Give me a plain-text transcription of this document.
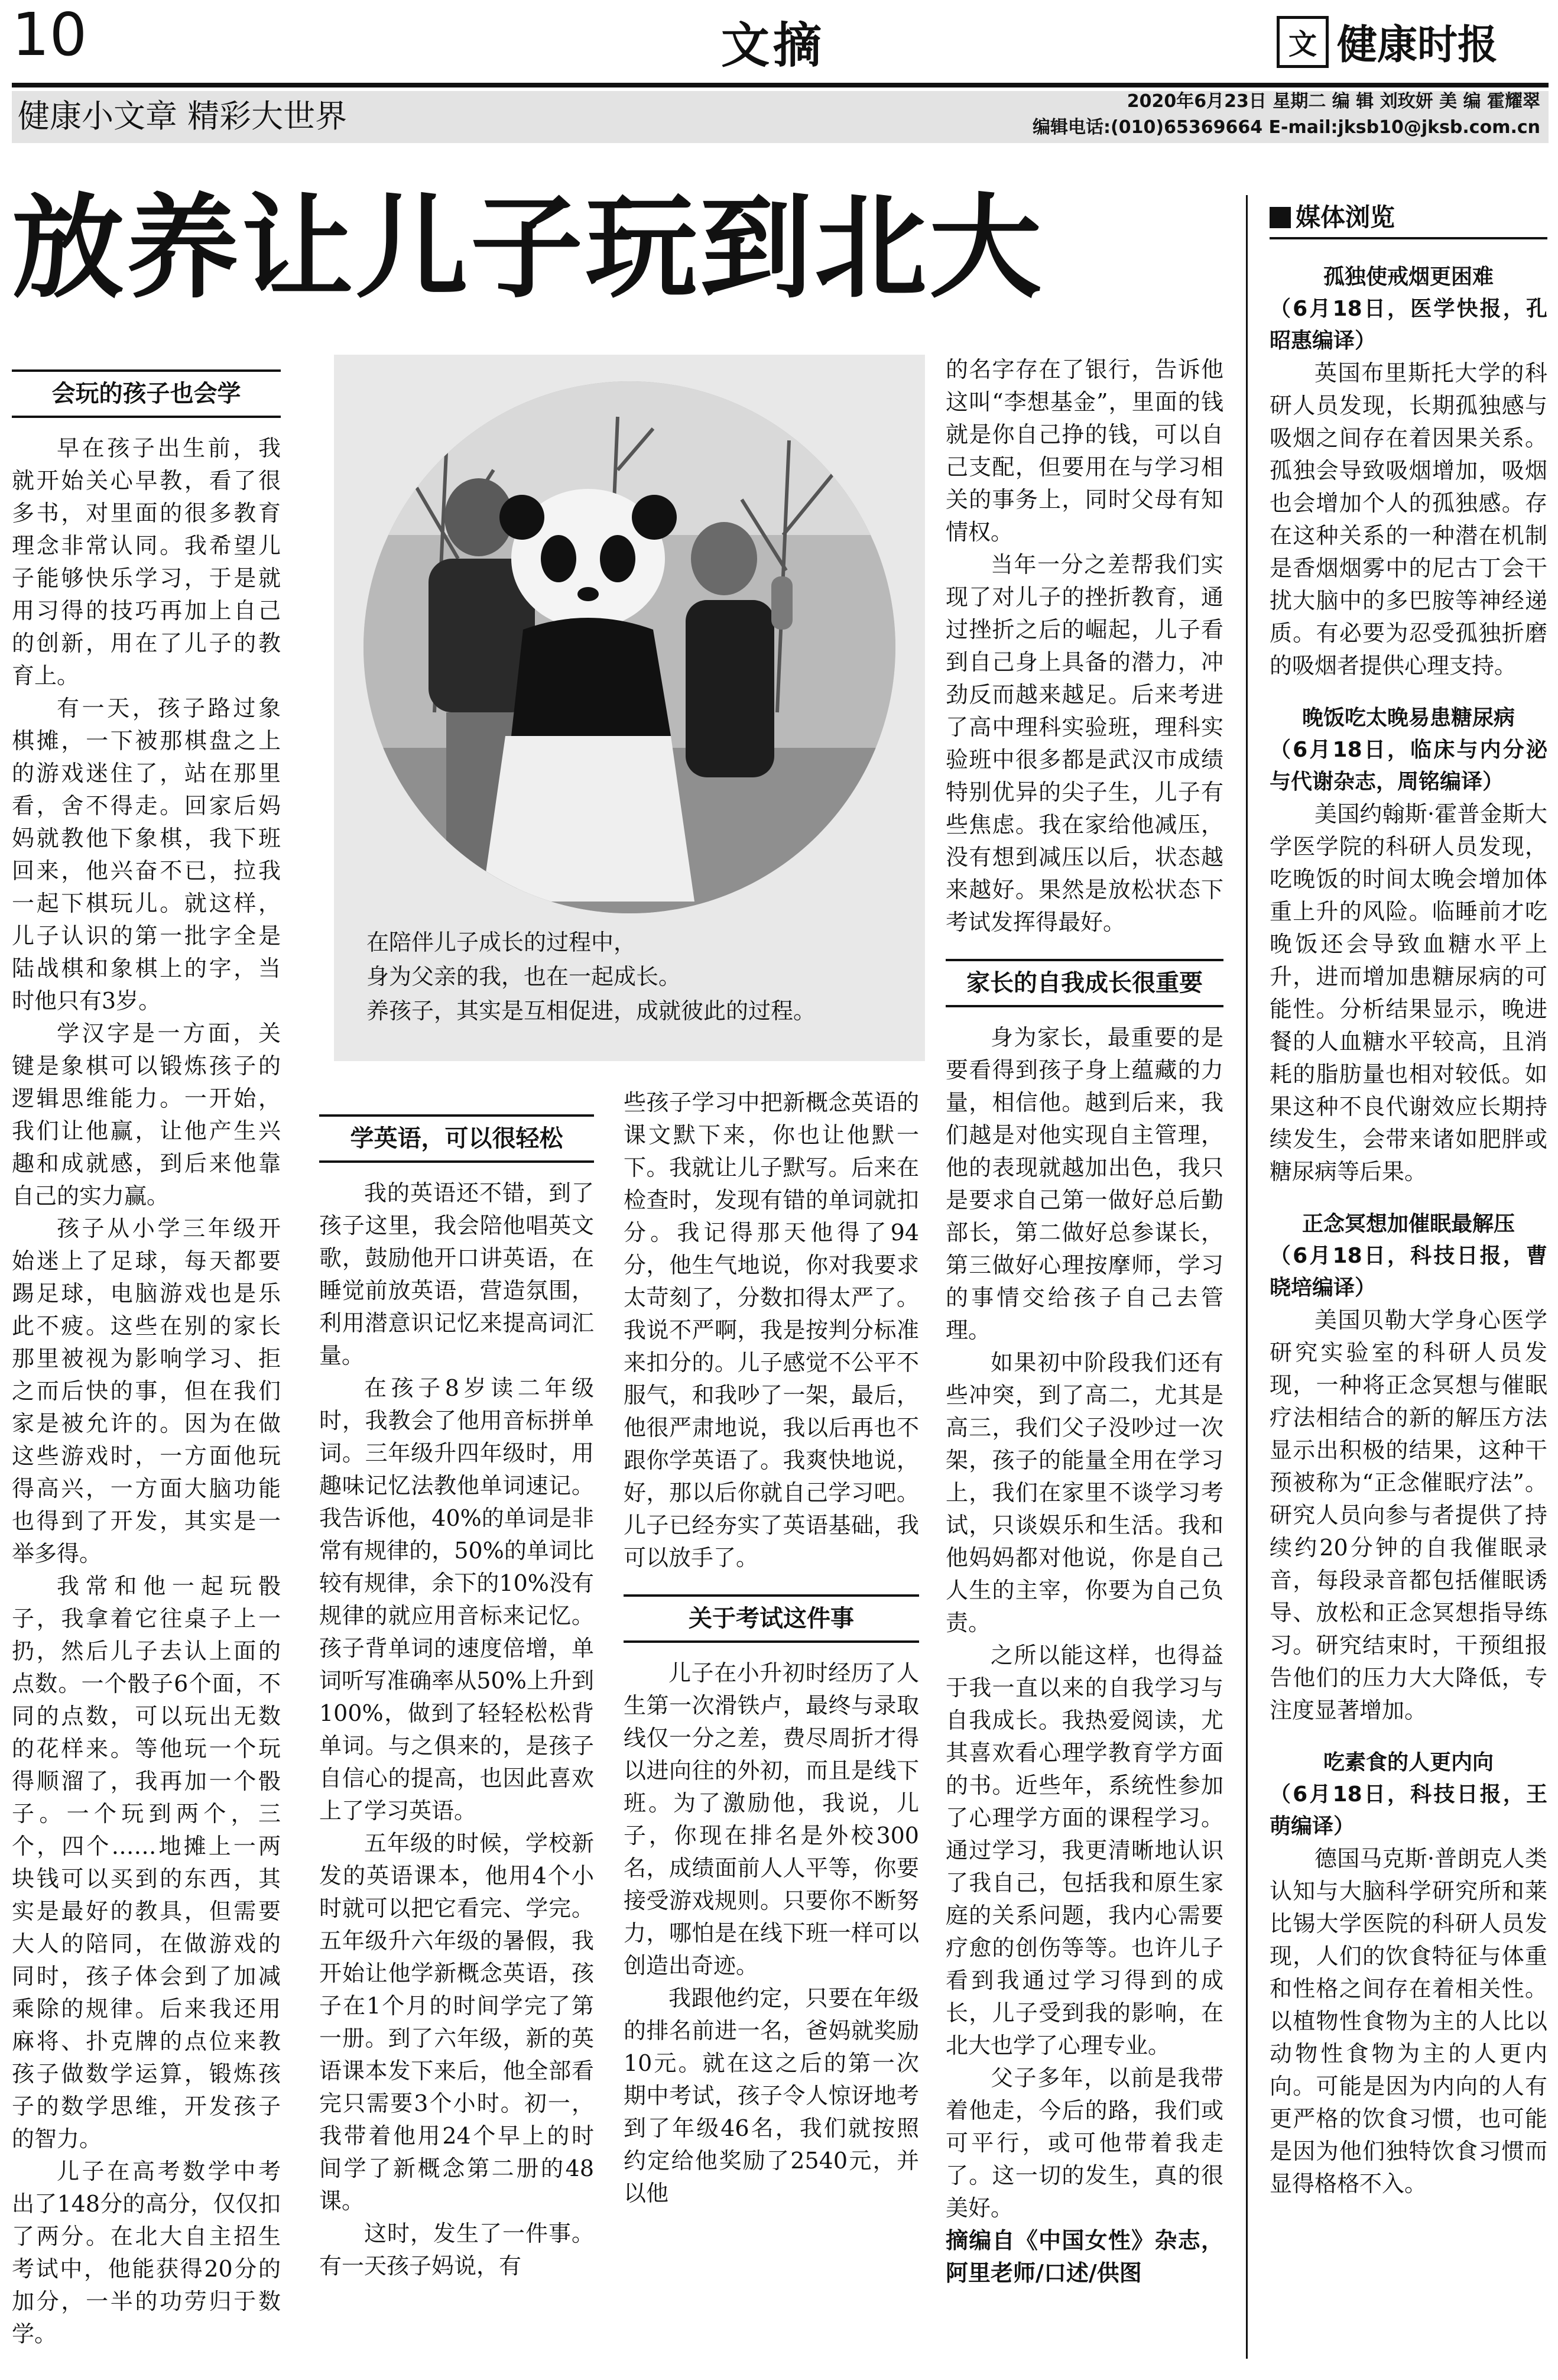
10	文摘	文 健康时报
健康小文章 精彩大世界	2020年6月23日 星期二 编 辑 刘玫妍 美 编 霍耀翠
编辑电话:(010)65369664 E-mail:jksb10@jksb.com.cn
放养让儿子玩到北大
在陪伴儿子成长的过程中，
身为父亲的我，也在一起成长。
养孩子，其实是互相促进，成就彼此的过程。
会玩的孩子也会学

早在孩子出生前，我就开始关心早教，看了很多书，对里面的很多教育理念非常认同。我希望儿子能够快乐学习，于是就用习得的技巧再加上自己的创新，用在了儿子的教育上。

有一天，孩子路过象棋摊，一下被那棋盘之上的游戏迷住了，站在那里看，舍不得走。回家后妈妈就教他下象棋，我下班回来，他兴奋不已，拉我一起下棋玩儿。就这样，儿子认识的第一批字全是陆战棋和象棋上的字，当时他只有3岁。

学汉字是一方面，关键是象棋可以锻炼孩子的逻辑思维能力。一开始，我们让他赢，让他产生兴趣和成就感，到后来他靠自己的实力赢。

孩子从小学三年级开始迷上了足球，每天都要踢足球，电脑游戏也是乐此不疲。这些在别的家长那里被视为影响学习、拒之而后快的事，但在我们家是被允许的。因为在做这些游戏时，一方面他玩得高兴，一方面大脑功能也得到了开发，其实是一举多得。

我常和他一起玩骰子，我拿着它往桌子上一扔，然后儿子去认上面的点数。一个骰子6个面，不同的点数，可以玩出无数的花样来。等他玩一个玩得顺溜了，我再加一个骰子。一个玩到两个，三个，四个……地摊上一两块钱可以买到的东西，其实是最好的教具，但需要大人的陪同，在做游戏的同时，孩子体会到了加减乘除的规律。后来我还用麻将、扑克牌的点位来教孩子做数学运算，锻炼孩子的数学思维，开发孩子的智力。

儿子在高考数学中考出了148分的高分，仅仅扣了两分。在北大自主招生考试中，他能获得20分的加分，一半的功劳归于数学。

学英语，可以很轻松

我的英语还不错，到了孩子这里，我会陪他唱英文歌，鼓励他开口讲英语，在睡觉前放英语，营造氛围，利用潜意识记忆来提高词汇量。

在孩子8岁读二年级时，我教会了他用音标拼单词。三年级升四年级时，用趣味记忆法教他单词速记。我告诉他，40%的单词是非常有规律的，50%的单词比较有规律，余下的10%没有规律的就应用音标来记忆。孩子背单词的速度倍增，单词听写准确率从50%上升到100%，做到了轻轻松松背单词。与之俱来的，是孩子自信心的提高，也因此喜欢上了学习英语。

五年级的时候，学校新发的英语课本，他用4个小时就可以把它看完、学完。五年级升六年级的暑假，我开始让他学新概念英语，孩子在1个月的时间学完了第一册。到了六年级，新的英语课本发下来后，他全部看完只需要3个小时。初一，我带着他用24个早上的时间学了新概念第二册的48课。

这时，发生了一件事。有一天孩子妈说，有

些孩子学习中把新概念英语的课文默下来，你也让他默一下。我就让儿子默写。后来在检查时，发现有错的单词就扣分。我记得那天他得了94分，他生气地说，你对我要求太苛刻了，分数扣得太严了。我说不严啊，我是按判分标准来扣分的。儿子感觉不公平不服气，和我吵了一架，最后，他很严肃地说，我以后再也不跟你学英语了。我爽快地说，好，那以后你就自己学习吧。儿子已经夯实了英语基础，我可以放手了。

关于考试这件事

儿子在小升初时经历了人生第一次滑铁卢，最终与录取线仅一分之差，费尽周折才得以进向往的外初，而且是线下班。为了激励他，我说，儿子，你现在排名是外校300名，成绩面前人人平等，你要接受游戏规则。只要你不断努力，哪怕是在线下班一样可以创造出奇迹。

我跟他约定，只要在年级的排名前进一名，爸妈就奖励10元。就在这之后的第一次期中考试，孩子令人惊讶地考到了年级46名，我们就按照约定给他奖励了2540元，并以他

的名字存在了银行，告诉他这叫“李想基金”，里面的钱就是你自己挣的钱，可以自己支配，但要用在与学习相关的事务上，同时父母有知情权。

当年一分之差帮我们实现了对儿子的挫折教育，通过挫折之后的崛起，儿子看到自己身上具备的潜力，冲劲反而越来越足。后来考进了高中理科实验班，理科实验班中很多都是武汉市成绩特别优异的尖子生，儿子有些焦虑。我在家给他减压，没有想到减压以后，状态越来越好。果然是放松状态下考试发挥得最好。

家长的自我成长很重要

身为家长，最重要的是要看得到孩子身上蕴藏的力量，相信他。越到后来，我们越是对他实现自主管理，他的表现就越加出色，我只是要求自己第一做好总后勤部长，第二做好总参谋长，第三做好心理按摩师，学习的事情交给孩子自己去管理。

如果初中阶段我们还有些冲突，到了高二，尤其是高三，我们父子没吵过一次架，孩子的能量全用在学习上，我们在家里不谈学习考试，只谈娱乐和生活。我和他妈妈都对他说，你是自己人生的主宰，你要为自己负责。

之所以能这样，也得益于我一直以来的自我学习与自我成长。我热爱阅读，尤其喜欢看心理学教育学方面的书。近些年，系统性参加了心理学方面的课程学习。通过学习，我更清晰地认识了我自己，包括我和原生家庭的关系问题，我内心需要疗愈的创伤等等。也许儿子看到我通过学习得到的成长，儿子受到我的影响，在北大也学了心理专业。

父子多年，以前是我带着他走，今后的路，我们或可平行，或可他带着我走了。这一切的发生，真的很美好。

摘编自《中国女性》杂志，阿里老师/口述/供图
媒体浏览
孤独使戒烟更困难
（6月18日，医学快报，孔昭惠编译）

英国布里斯托大学的科研人员发现，长期孤独感与吸烟之间存在着因果关系。孤独会导致吸烟增加，吸烟也会增加个人的孤独感。存在这种关系的一种潜在机制是香烟烟雾中的尼古丁会干扰大脑中的多巴胺等神经递质。有必要为忍受孤独折磨的吸烟者提供心理支持。

晚饭吃太晚易患糖尿病
（6月18日，临床与内分泌与代谢杂志，周铭编译）

美国约翰斯·霍普金斯大学医学院的科研人员发现，吃晚饭的时间太晚会增加体重上升的风险。临睡前才吃晚饭还会导致血糖水平上升，进而增加患糖尿病的可能性。分析结果显示，晚进餐的人血糖水平较高，且消耗的脂肪量也相对较低。如果这种不良代谢效应长期持续发生，会带来诸如肥胖或糖尿病等后果。

正念冥想加催眠最解压
（6月18日，科技日报，曹晓培编译）

美国贝勒大学身心医学研究实验室的科研人员发现，一种将正念冥想与催眠疗法相结合的新的解压方法显示出积极的结果，这种干预被称为“正念催眠疗法”。研究人员向参与者提供了持续约20分钟的自我催眠录音，每段录音都包括催眠诱导、放松和正念冥想指导练习。研究结束时，干预组报告他们的压力大大降低，专注度显著增加。

吃素食的人更内向
（6月18日，科技日报，王萌编译）

德国马克斯·普朗克人类认知与大脑科学研究所和莱比锡大学医院的科研人员发现，人们的饮食特征与体重和性格之间存在着相关性。以植物性食物为主的人比以动物性食物为主的人更内向。可能是因为内向的人有更严格的饮食习惯，也可能是因为他们独特饮食习惯而显得格格不入。
